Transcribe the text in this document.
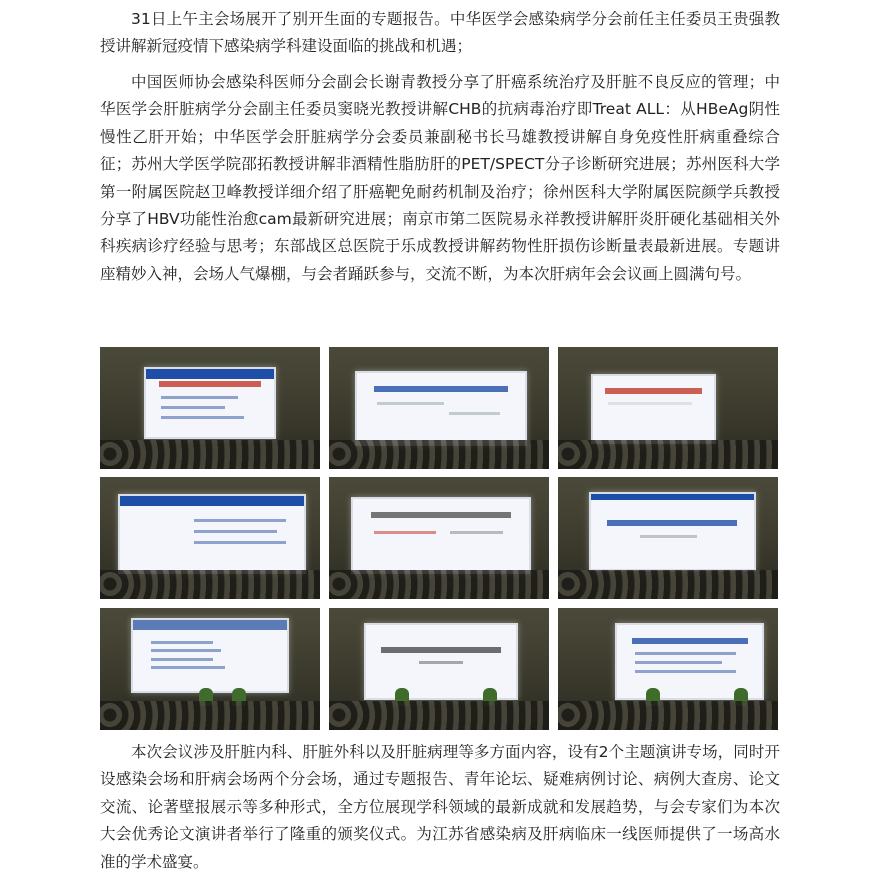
31日上午主会场展开了别开生面的专题报告。中华医学会感染病学分会前任主任委员王贵强教授讲解新冠疫情下感染病学科建设面临的挑战和机遇；

中国医师协会感染科医师分会副会长谢青教授分享了肝癌系统治疗及肝脏不良反应的管理；中华医学会肝脏病学分会副主任委员窦晓光教授讲解CHB的抗病毒治疗即Treat ALL：从HBeAg阴性慢性乙肝开始；中华医学会肝脏病学分会委员兼副秘书长马雄教授讲解自身免疫性肝病重叠综合征；苏州大学医学院邵拓教授讲解非酒精性脂肪肝的PET/SPECT分子诊断研究进展；苏州医科大学第一附属医院赵卫峰教授详细介绍了肝癌靶免耐药机制及治疗；徐州医科大学附属医院颜学兵教授分享了HBV功能性治愈cam最新研究进展；南京市第二医院易永祥教授讲解肝炎肝硬化基础相关外科疾病诊疗经验与思考；东部战区总医院于乐成教授讲解药物性肝损伤诊断量表最新进展。专题讲座精妙入神，会场人气爆棚，与会者踊跃参与，交流不断，为本次肝病年会会议画上圆满句号。

本次会议涉及肝脏内科、肝脏外科以及肝脏病理等多方面内容，设有2个主题演讲专场，同时开设感染会场和肝病会场两个分会场，通过专题报告、青年论坛、疑难病例讨论、病例大查房、论文交流、论著壁报展示等多种形式，全方位展现学科领域的最新成就和发展趋势，与会专家们为本次大会优秀论文演讲者举行了隆重的颁奖仪式。为江苏省感染病及肝病临床一线医师提供了一场高水准的学术盛宴。
